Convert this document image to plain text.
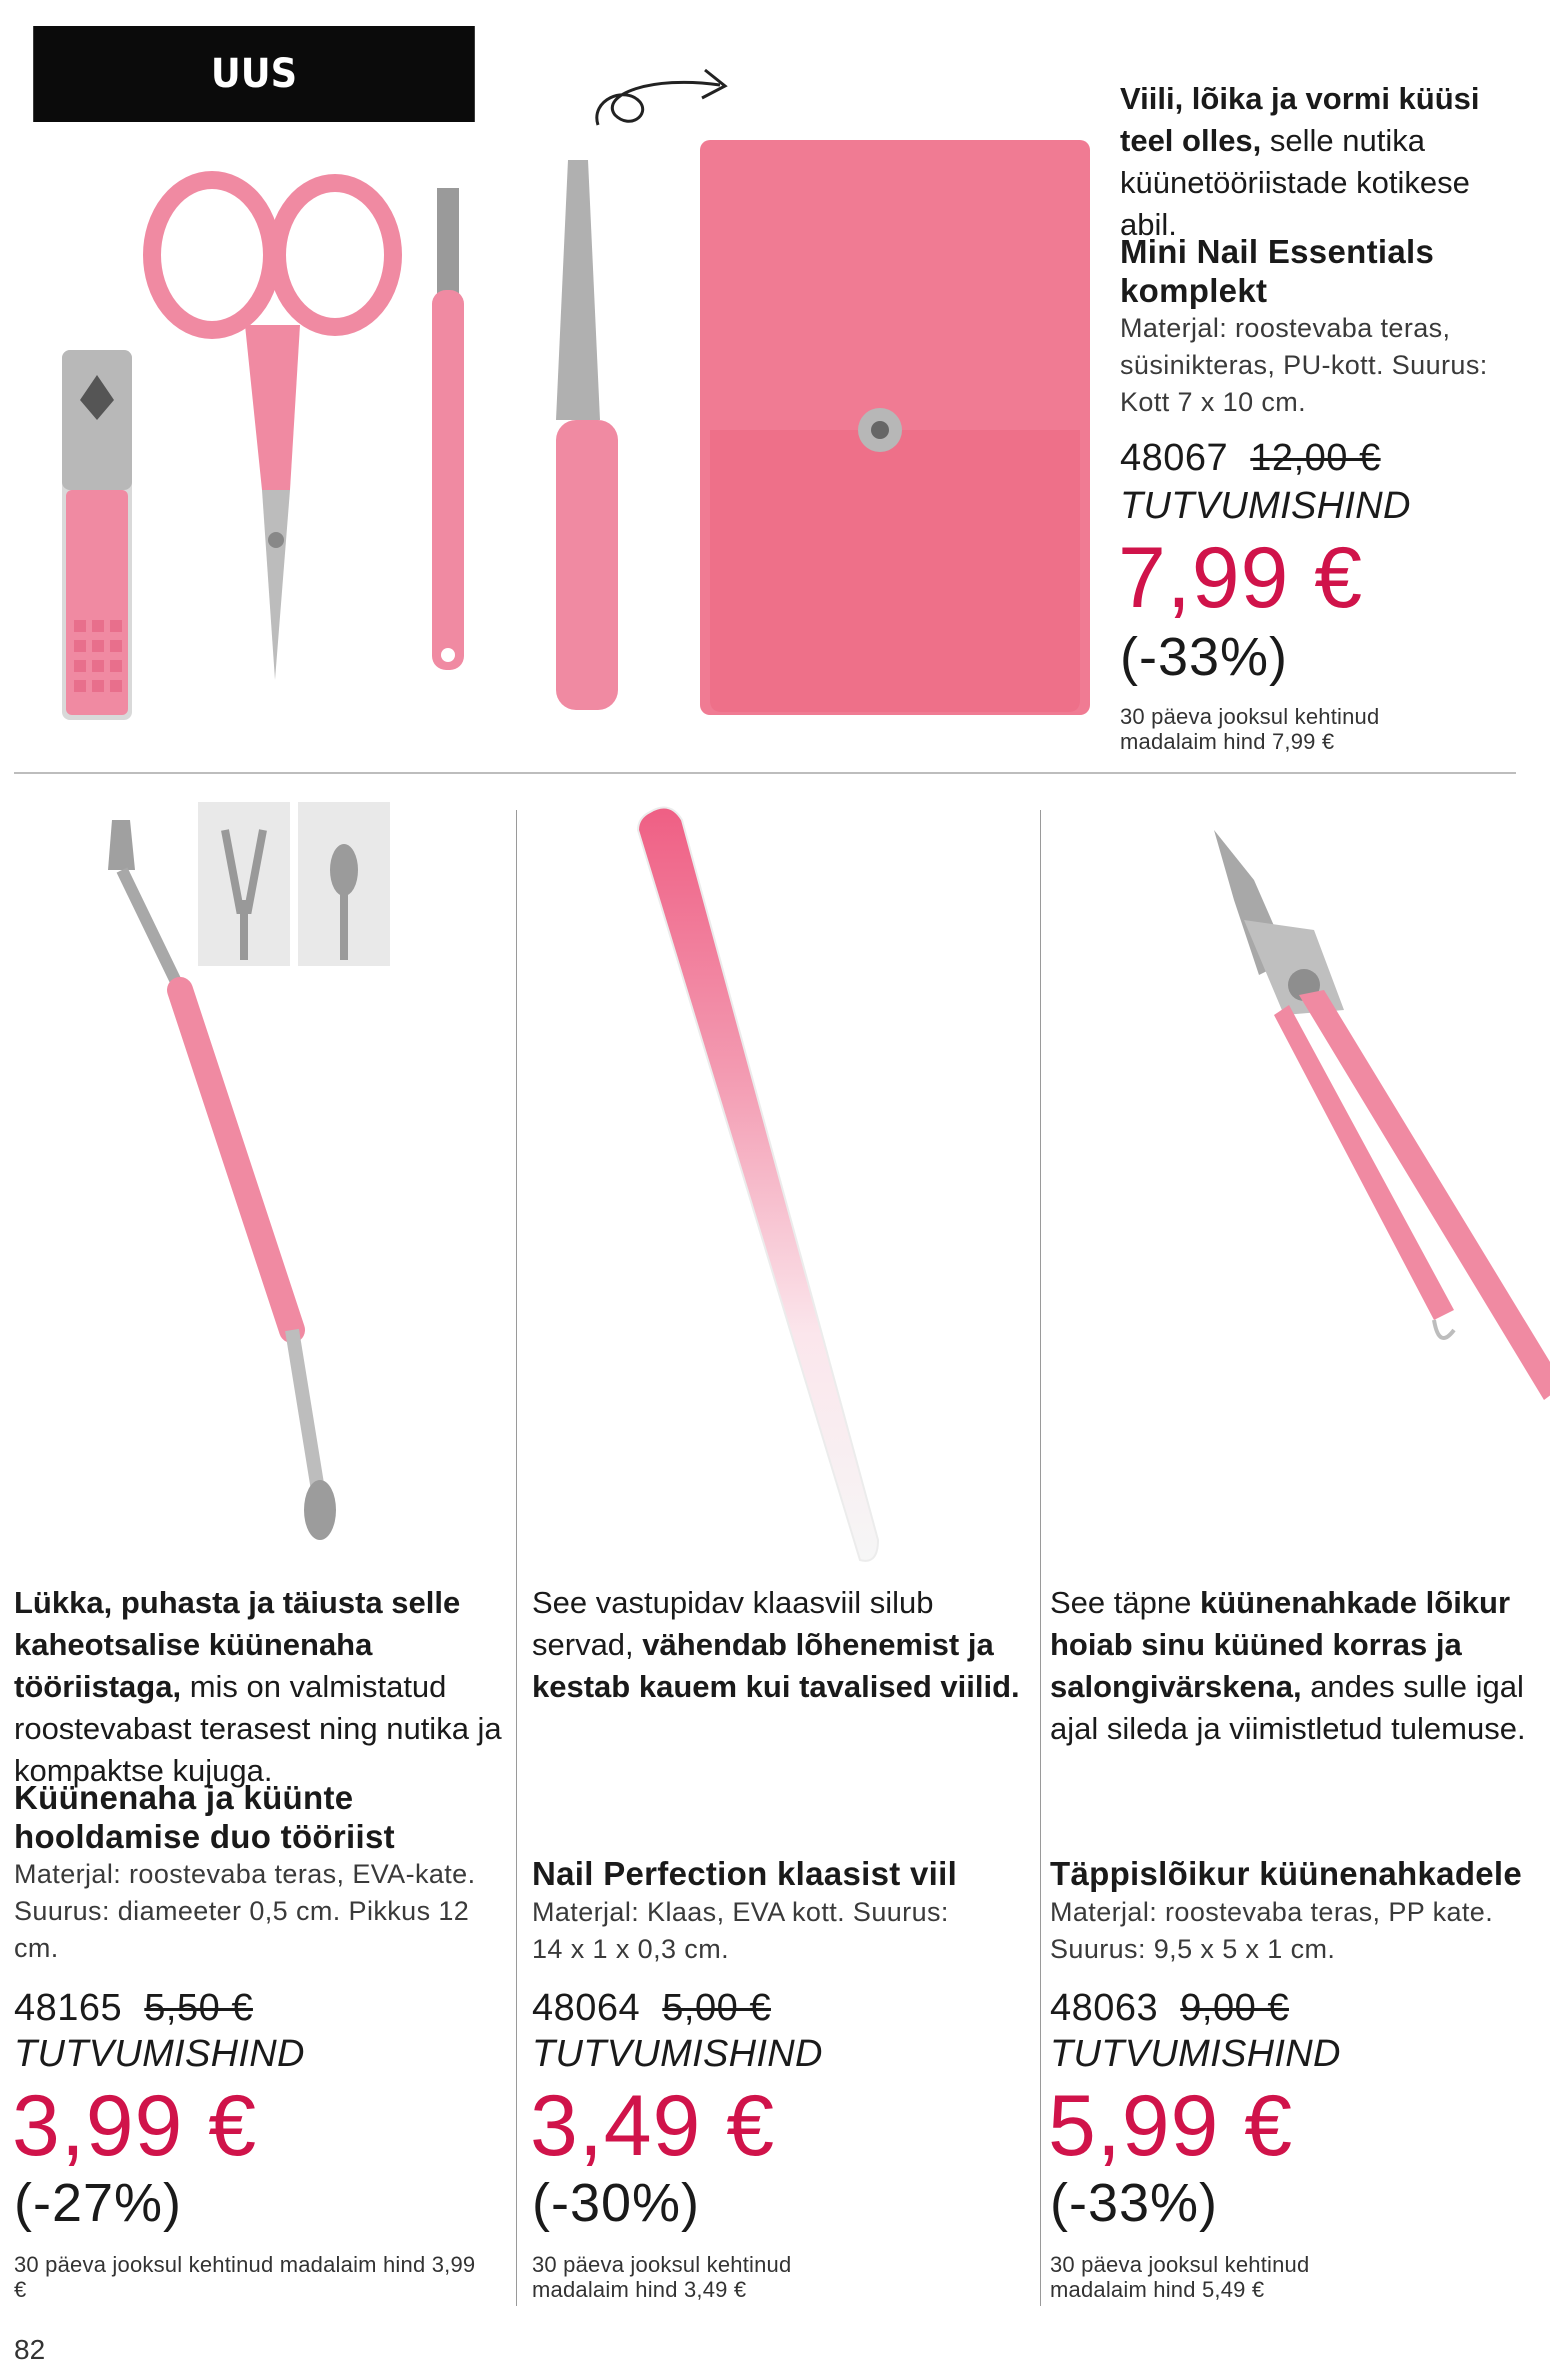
UUS
Viili, lõika ja vormi küüsi teel olles, selle nutika küünetööriistade kotikese abil.
Mini Nail Essentials komplekt
Materjal: roostevaba teras, süsinikteras, PU-kott. Suurus: Kott 7 x 10 cm.
48067 12,00 €
TUTVUMISHIND
7,99 €
(-33%)
30 päeva jooksul kehtinud madalaim hind 7,99 €
Lükka, puhasta ja täiusta selle kaheotsalise küünenaha tööriistaga, mis on valmistatud roostevabast terasest ning nutika ja kompaktse kujuga.
Küünenaha ja küünte hooldamise duo tööriist
Materjal: roostevaba teras, EVA-kate. Suurus: diameeter 0,5 cm. Pikkus 12 cm.
48165 5,50 €
TUTVUMISHIND
3,99 €
(-27%)
30 päeva jooksul kehtinud madalaim hind 3,99 €
See vastupidav klaasviil silub servad, vähendab lõhenemist ja kestab kauem kui tavalised viilid.
Nail Perfection klaasist viil
Materjal: Klaas, EVA kott. Suurus: 14 x 1 x 0,3 cm.
48064 5,00 €
TUTVUMISHIND
3,49 €
(-30%)
30 päeva jooksul kehtinud madalaim hind 3,49 €
See täpne küünenahkade lõikur hoiab sinu küüned korras ja salongivärskena, andes sulle igal ajal sileda ja viimistletud tulemuse.
Täppislõikur küünenahkadele
Materjal: roostevaba teras, PP kate. Suurus: 9,5 x 5 x 1 cm.
48063 9,00 €
TUTVUMISHIND
5,99 €
(-33%)
30 päeva jooksul kehtinud madalaim hind 5,49 €
82
